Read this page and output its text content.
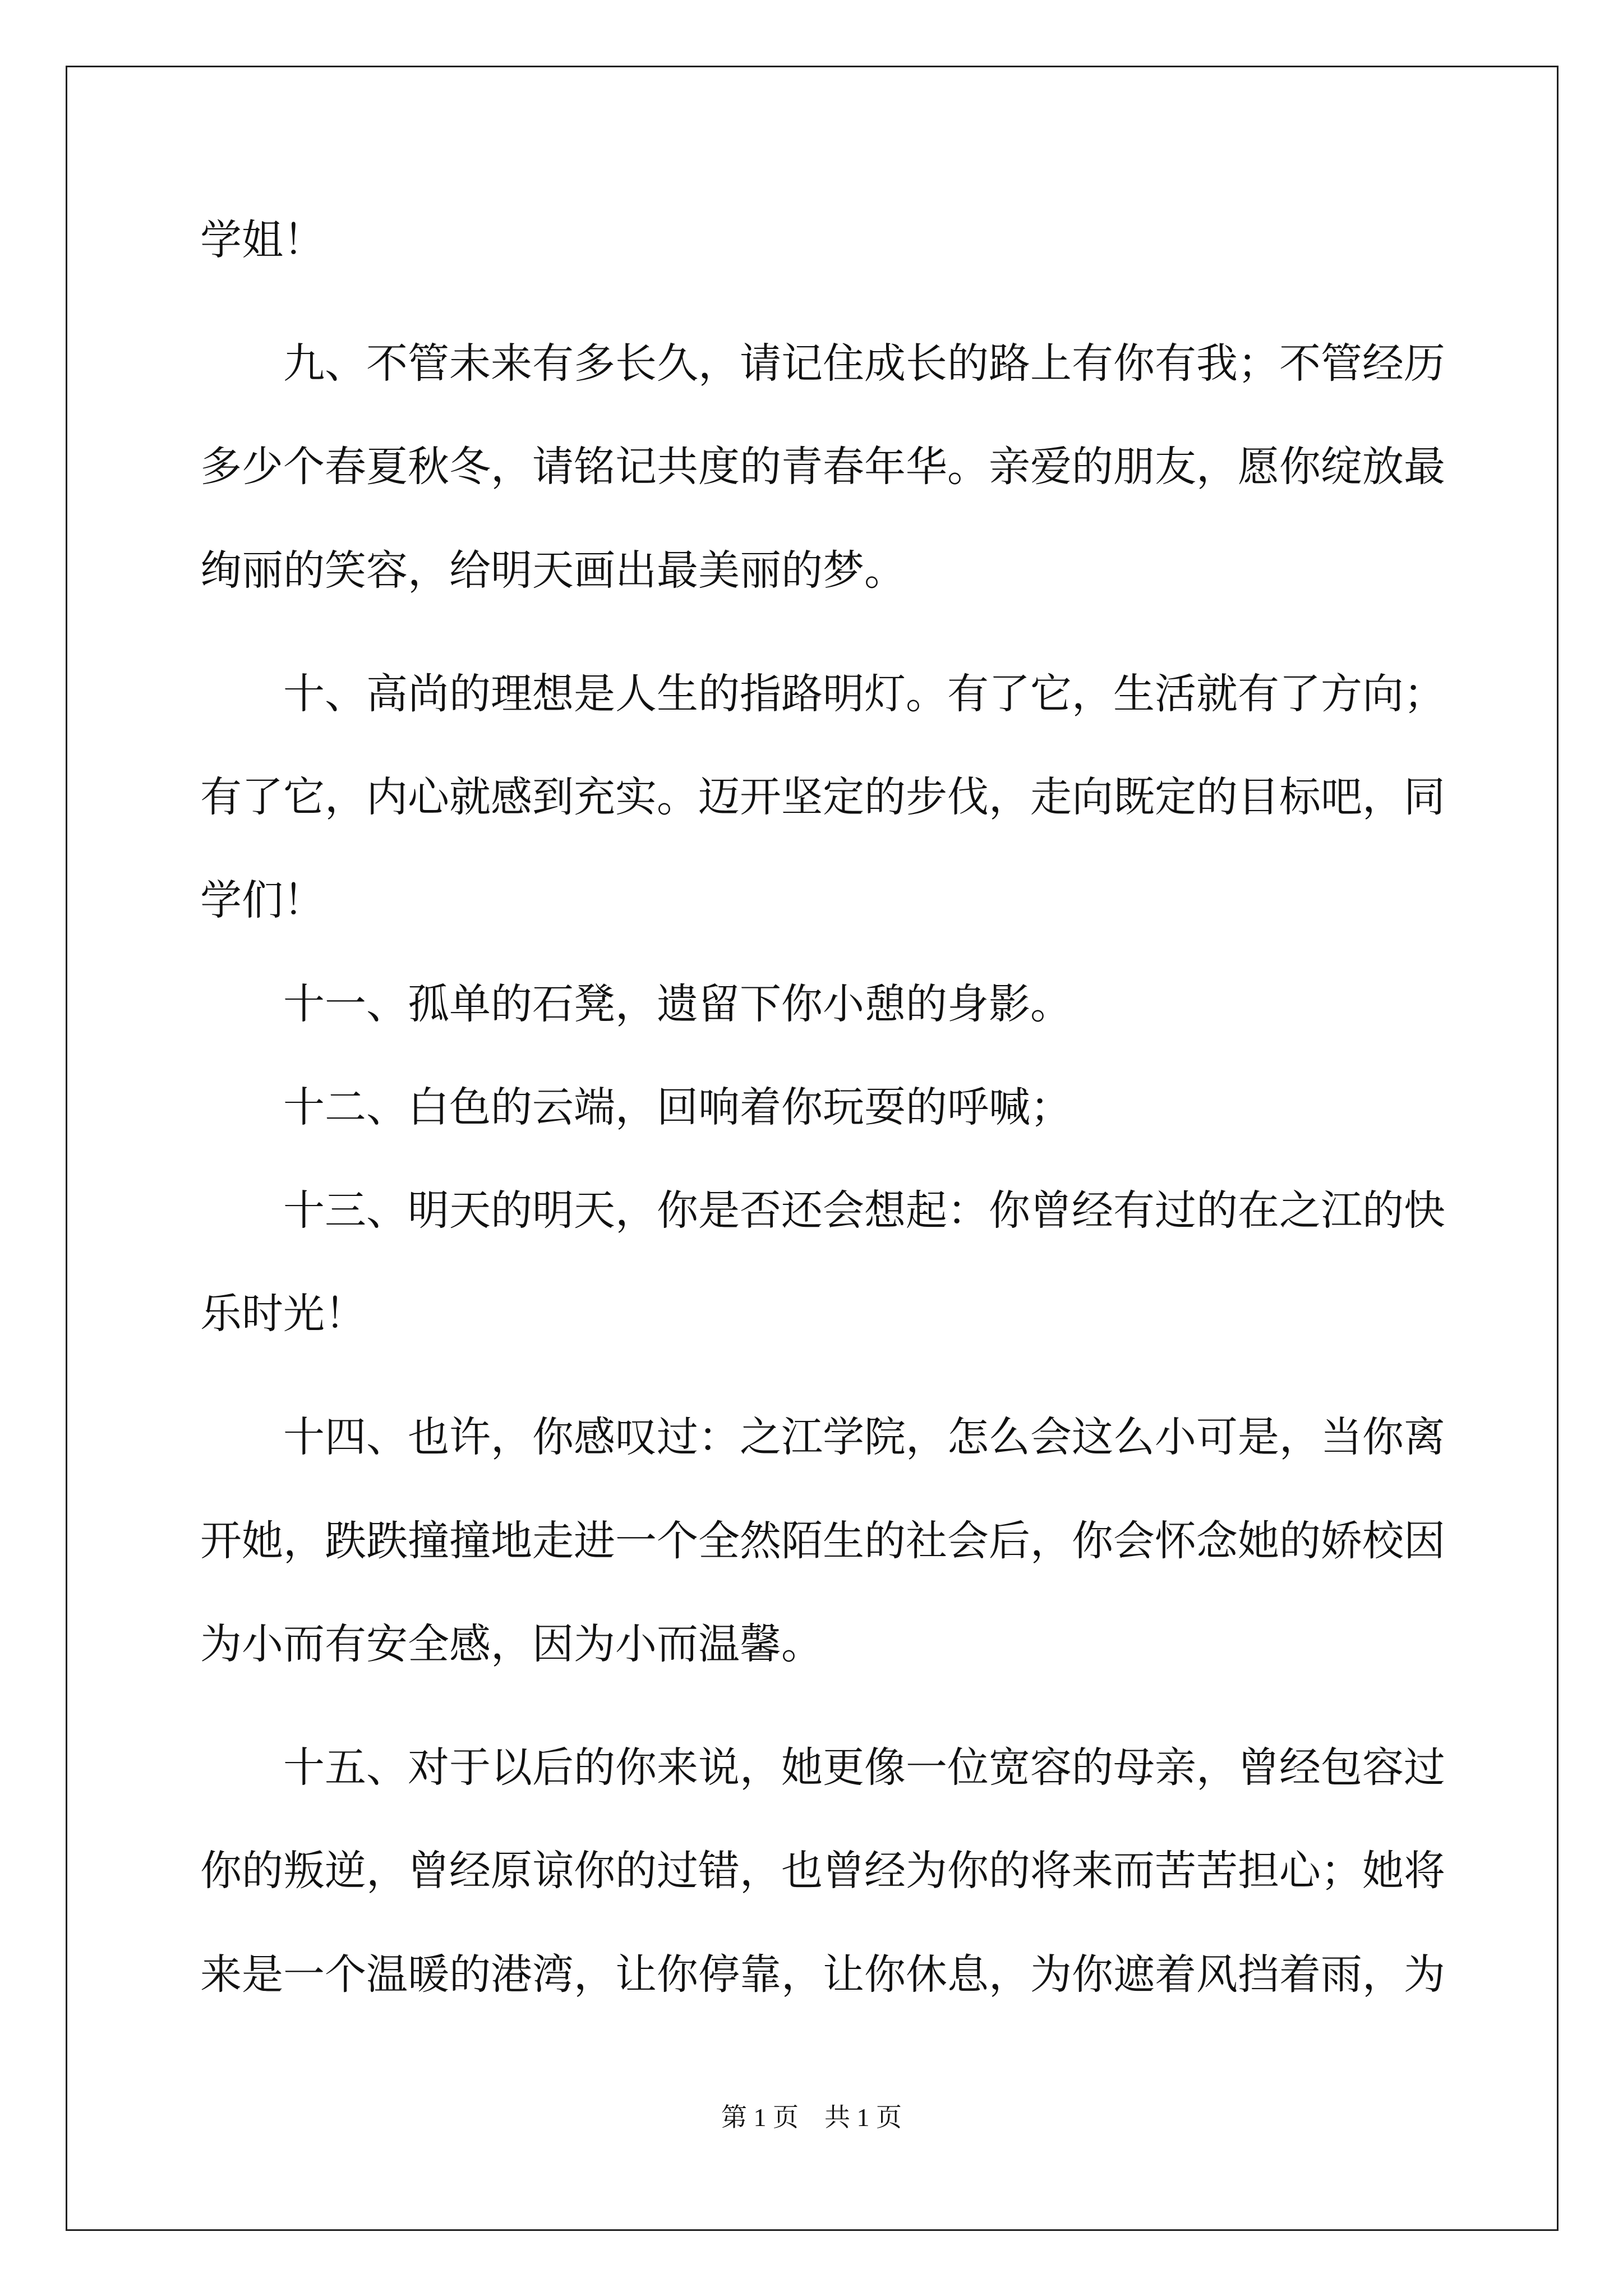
学姐！
　　九、不管未来有多长久，请记住成长的路上有你有我；不管经历
多少个春夏秋冬，请铭记共度的青春年华。亲爱的朋友，愿你绽放最
绚丽的笑容，给明天画出最美丽的梦。
　　十、高尚的理想是人生的指路明灯。有了它，生活就有了方向；
有了它，内心就感到充实。迈开坚定的步伐，走向既定的目标吧，同
学们！
　　十一、孤单的石凳，遗留下你小憩的身影。
　　十二、白色的云端，回响着你玩耍的呼喊；
　　十三、明天的明天，你是否还会想起：你曾经有过的在之江的快
乐时光！
　　十四、也许，你感叹过：之江学院，怎么会这么小可是，当你离
开她，跌跌撞撞地走进一个全然陌生的社会后，你会怀念她的娇校因
为小而有安全感，因为小而温馨。
　　十五、对于以后的你来说，她更像一位宽容的母亲，曾经包容过
你的叛逆，曾经原谅你的过错，也曾经为你的将来而苦苦担心；她将
来是一个温暖的港湾，让你停靠，让你休息，为你遮着风挡着雨，为
第 1 页　共 1 页
